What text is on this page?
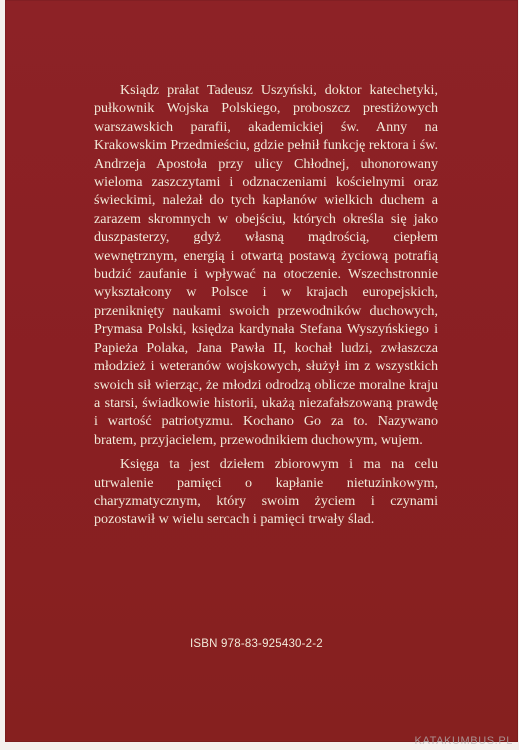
Ksiądz prałat Tadeusz Uszyński, doktor katechetyki, pułkownik Wojska Polskiego, proboszcz prestiżowych warszawskich parafii, akademickiej św. Anny na Krakowskim Przedmieściu, gdzie pełnił funkcję rektora i św. Andrzeja Apostoła przy ulicy Chłodnej, uhonorowany wieloma zaszczytami i odznaczeniami kościelnymi oraz świeckimi, należał do tych kapłanów wielkich duchem a zarazem skromnych w obejściu, których określa się jako duszpasterzy, gdyż własną mądrością, ciepłem wewnętrznym, energią i otwartą postawą życiową potrafią budzić zaufanie i wpływać na otoczenie. Wszechstronnie wykształcony w Polsce i w krajach europejskich, przeniknięty naukami swoich przewodników duchowych, Prymasa Polski, księdza kardynała Stefana Wyszyńskiego i Papieża Polaka, Jana Pawła II, kochał ludzi, zwłaszcza młodzież i weteranów wojskowych, służył im z wszystkich swoich sił wierząc, że młodzi odrodzą oblicze moralne kraju a starsi, świadkowie historii, ukażą niezafałszowaną prawdę i wartość patriotyzmu. Kochano Go za to. Nazywano bratem, przyjacielem, przewodnikiem duchowym, wujem.

Księga ta jest dziełem zbiorowym i ma na celu utrwalenie pamięci o kapłanie nietuzinkowym, charyzmatycznym, który swoim życiem i czynami pozostawił w wielu sercach i pamięci trwały ślad.

ISBN 978-83-925430-2-2
KATAKUMBUS.PL
